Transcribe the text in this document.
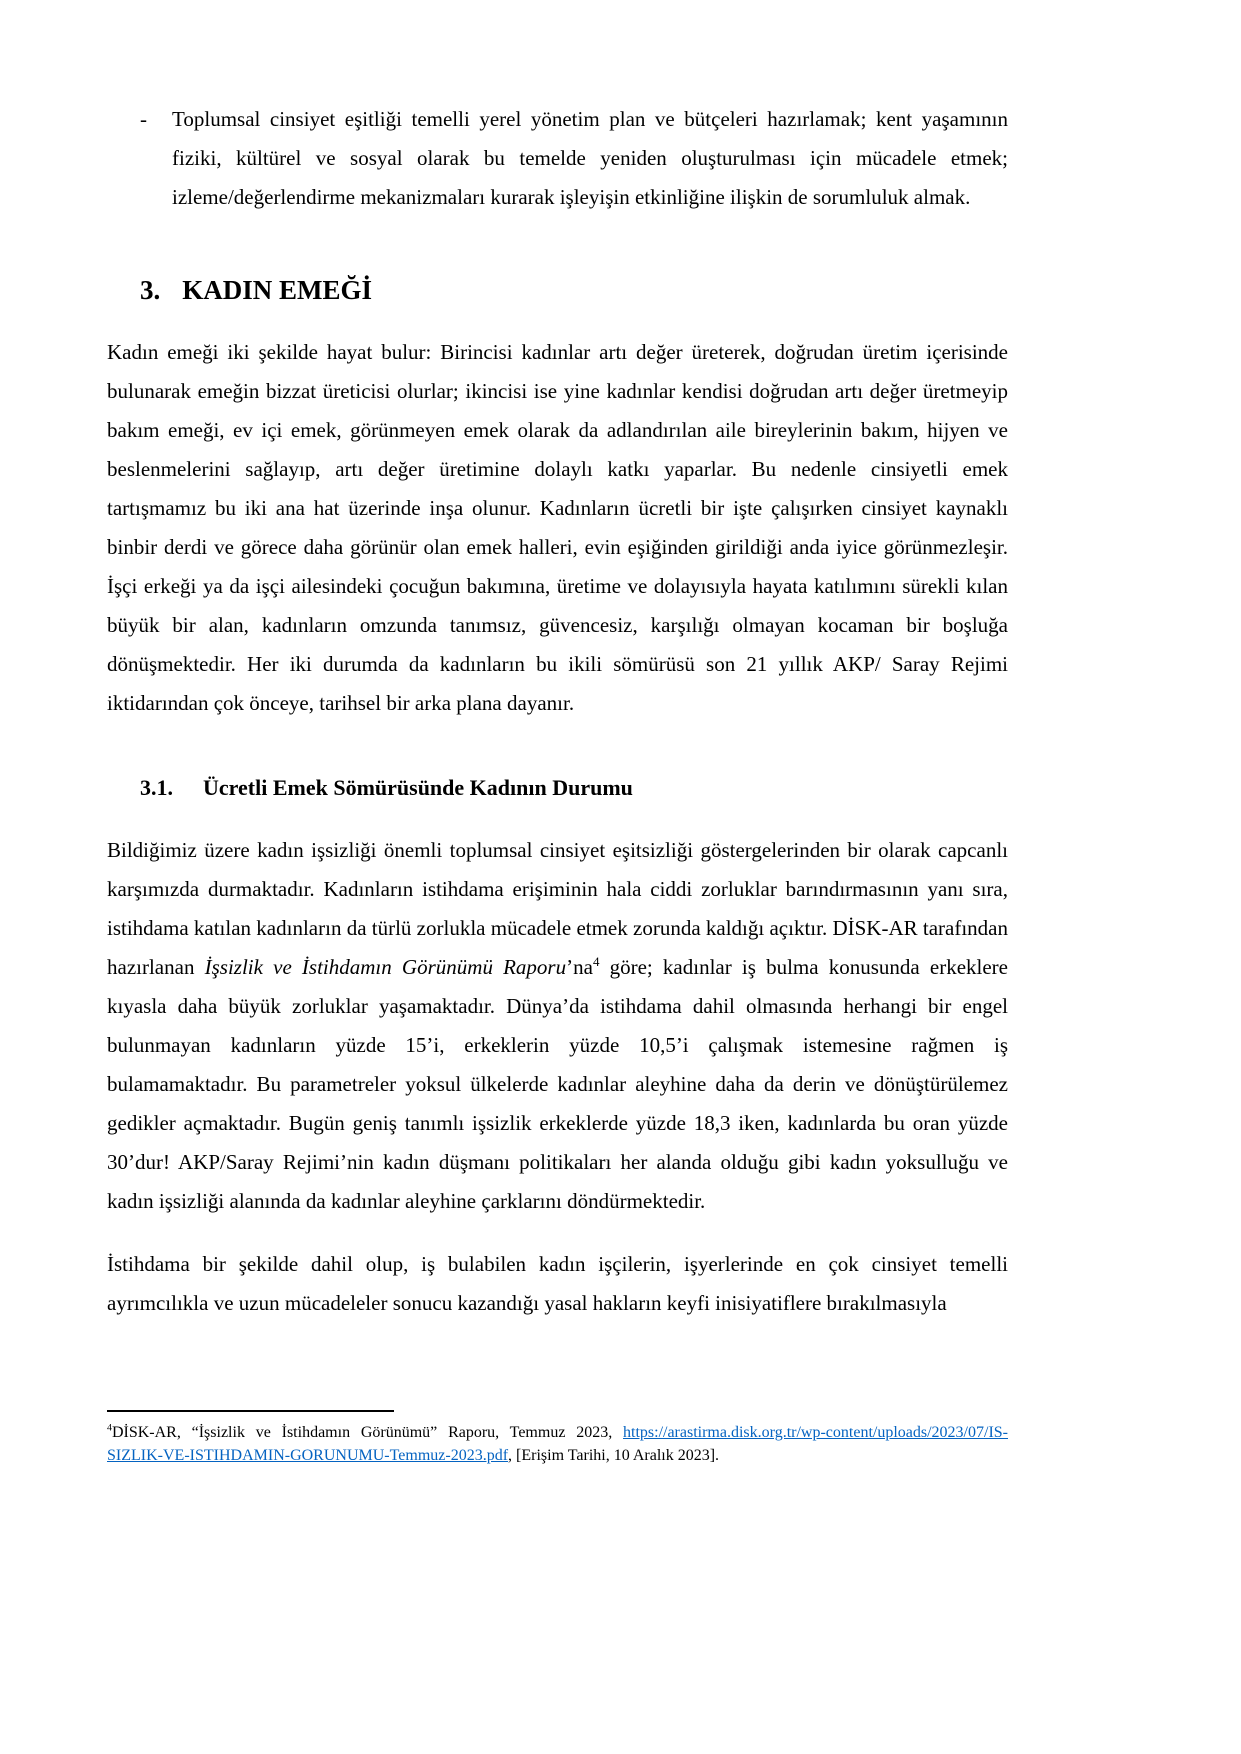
-	Toplumsal cinsiyet eşitliği temelli yerel yönetim plan ve bütçeleri hazırlamak; kent yaşamının fiziki, kültürel ve sosyal olarak bu temelde yeniden oluşturulması için mücadele etmek; izleme/değerlendirme mekanizmaları kurarak işleyişin etkinliğine ilişkin de sorumluluk almak.
3. KADIN EMEĞİ

Kadın emeği iki şekilde hayat bulur: Birincisi kadınlar artı değer üreterek, doğrudan üretim içerisinde bulunarak emeğin bizzat üreticisi olurlar; ikincisi ise yine kadınlar kendisi doğrudan artı değer üretmeyip bakım emeği, ev içi emek, görünmeyen emek olarak da adlandırılan aile bireylerinin bakım, hijyen ve beslenmelerini sağlayıp, artı değer üretimine dolaylı katkı yaparlar. Bu nedenle cinsiyetli emek tartışmamız bu iki ana hat üzerinde inşa olunur. Kadınların ücretli bir işte çalışırken cinsiyet kaynaklı binbir derdi ve görece daha görünür olan emek halleri, evin eşiğinden girildiği anda iyice görünmezleşir. İşçi erkeği ya da işçi ailesindeki çocuğun bakımına, üretime ve dolayısıyla hayata katılımını sürekli kılan büyük bir alan, kadınların omzunda tanımsız, güvencesiz, karşılığı olmayan kocaman bir boşluğa dönüşmektedir. Her iki durumda da kadınların bu ikili sömürüsü son 21 yıllık AKP/ Saray Rejimi iktidarından çok önceye, tarihsel bir arka plana dayanır.

3.1. Ücretli Emek Sömürüsünde Kadının Durumu

Bildiğimiz üzere kadın işsizliği önemli toplumsal cinsiyet eşitsizliği göstergelerinden bir olarak capcanlı karşımızda durmaktadır. Kadınların istihdama erişiminin hala ciddi zorluklar barındırmasının yanı sıra, istihdama katılan kadınların da türlü zorlukla mücadele etmek zorunda kaldığı açıktır. DİSK-AR tarafından hazırlanan İşsizlik ve İstihdamın Görünümü Raporu’na$^4$ göre; kadınlar iş bulma konusunda erkeklere kıyasla daha büyük zorluklar yaşamaktadır. Dünya’da istihdama dahil olmasında herhangi bir engel bulunmayan kadınların yüzde 15’i, erkeklerin yüzde 10,5’i çalışmak istemesine rağmen iş bulamamaktadır. Bu parametreler yoksul ülkelerde kadınlar aleyhine daha da derin ve dönüştürülemez gedikler açmaktadır. Bugün geniş tanımlı işsizlik erkeklerde yüzde 18,3 iken, kadınlarda bu oran yüzde 30’dur! AKP/Saray Rejimi’nin kadın düşmanı politikaları her alanda olduğu gibi kadın yoksulluğu ve kadın işsizliği alanında da kadınlar aleyhine çarklarını döndürmektedir.

İstihdama bir şekilde dahil olup, iş bulabilen kadın işçilerin, işyerlerinde en çok cinsiyet temelli ayrımcılıkla ve uzun mücadeleler sonucu kazandığı yasal hakların keyfi inisiyatiflere bırakılmasıyla

$^4$DİSK-AR, “İşsizlik ve İstihdamın Görünümü” Raporu, Temmuz 2023, https://arastirma.disk.org.tr/wp-content/uploads/2023/07/IS-SIZLIK-VE-ISTIHDAMIN-GORUNUMU-Temmuz-2023.pdf, [Erişim Tarihi, 10 Aralık 2023].
